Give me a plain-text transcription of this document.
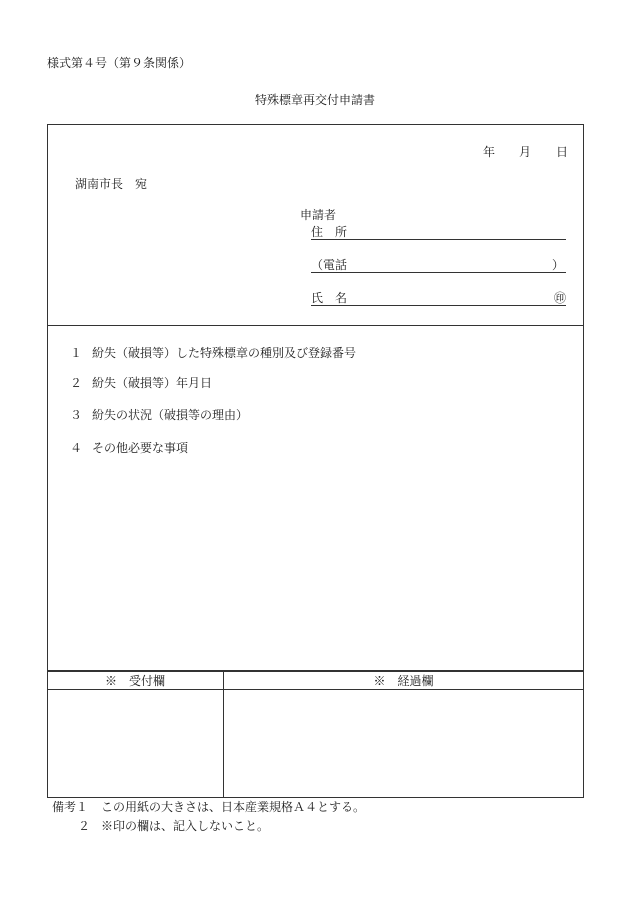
様式第４号（第９条関係）
特殊標章再交付申請書
年 月 日
湖南市長　宛
申請者
住　所
（電話	）
氏　名	㊞
１ 紛失（破損等）した特殊標章の種別及び登録番号
２ 紛失（破損等）年月日
３ 紛失の状況（破損等の理由）
４ その他必要な事項
※　受付欄	※　経過欄
備考１ この用紙の大きさは、日本産業規格Ａ４とする。
２ ※印の欄は、記入しないこと。
